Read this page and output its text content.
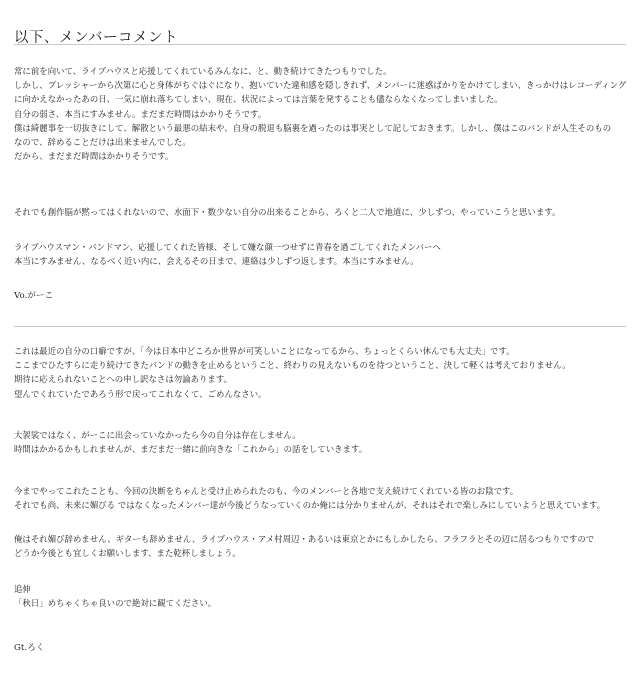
以下、メンバーコメント
常に前を向いて、ライブハウスと応援してくれているみんなに、と、動き続けてきたつもりでした。
しかし、プレッシャーから次第に心と身体がちぐはぐになり、抱いていた違和感を隠しきれず、メンバーに迷惑ばかりをかけてしまい、きっかけはレコーディング
に向かえなかったあの日、一気に崩れ落ちてしまい、現在、状況によっては言葉を発することも儘ならなくなってしまいました。
自分の弱さ、本当にすみません。まだまだ時間はかかりそうです。
僕は綺麗事を一切抜きにして、解散という最悪の結末や、自身の脱退も脳裏を過ったのは事実として記しておきます。しかし、僕はこのバンドが人生そのもの
なので、辞めることだけは出来ませんでした。
だから、まだまだ時間はかかりそうです。
それでも創作脳が黙ってはくれないので、水面下・数少ない自分の出来ることから、ろくと二人で地道に、少しずつ、やっていこうと思います。
ライブハウスマン・バンドマン、応援してくれた皆様、そして嫌な顔一つせずに青春を過ごしてくれたメンバーへ
本当にすみません、なるべく近い内に、会えるその日まで、連絡は少しずつ返します。本当にすみません。
Vo.がーこ
これは最近の自分の口癖ですが、「今は日本中どころか世界が可笑しいことになってるから、ちょっとくらい休んでも大丈夫」です。
ここまでひたすらに走り続けてきたバンドの動きを止めるということ、終わりの見えないものを待つということ、決して軽くは考えておりません。
期待に応えられないことへの申し訳なさは勿論あります。
望んでくれていたであろう形で戻ってこれなくて、ごめんなさい。
大袈裟ではなく、がーこに出会っていなかったら今の自分は存在しません。
時間はかかるかもしれませんが、まだまだ一緒に前向きな「これから」の話をしていきます。
今までやってこれたことも、今回の決断をちゃんと受け止められたのも、今のメンバーと各地で支え続けてくれている皆のお陰です。
それでも尚、未来に媚びる ではなくなったメンバー達が今後どうなっていくのか俺には分かりませんが、それはそれで楽しみにしていようと思えています。
俺はそれ媚び辞めません、ギターも辞めません、ライブハウス・アメ村周辺・あるいは東京とかにもしかしたら、フラフラとその辺に居るつもりですので
どうか今後とも宜しくお願いします、また乾杯しましょう。
追伸
「秋日」めちゃくちゃ良いので絶対に観てください。
Gt.ろく
